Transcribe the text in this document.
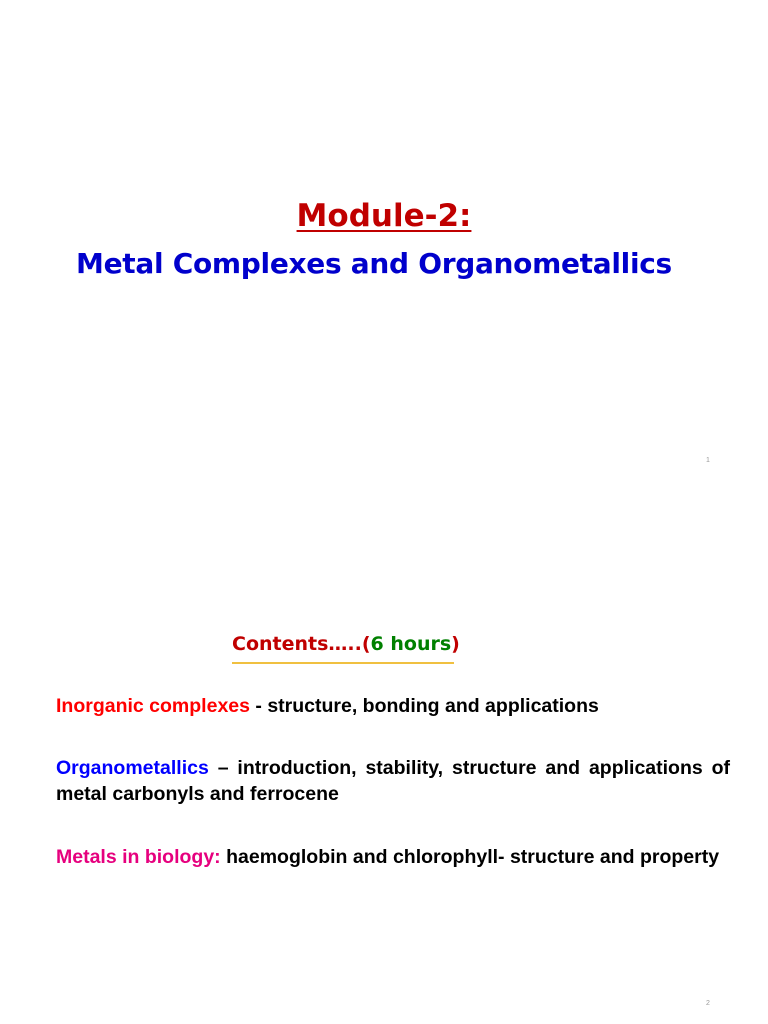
Module-2:
Metal Complexes and Organometallics
1
Contents…..(6 hours)
Inorganic complexes - structure, bonding and applications
Organometallics – introduction, stability, structure and applications of metal carbonyls and ferrocene
Metals in biology: haemoglobin and chlorophyll- structure and property
2
